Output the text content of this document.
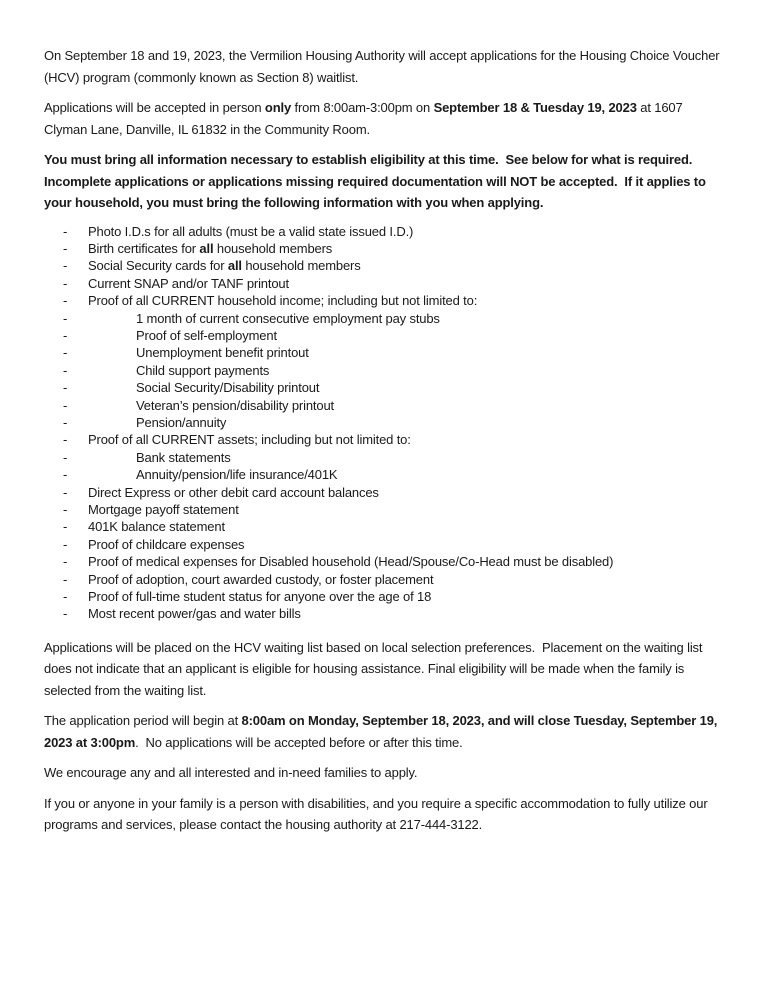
On September 18 and 19, 2023, the Vermilion Housing Authority will accept applications for the Housing Choice Voucher (HCV) program (commonly known as Section 8) waitlist.

Applications will be accepted in person only from 8:00am-3:00pm on September 18 & Tuesday 19, 2023 at 1607 Clyman Lane, Danville, IL 61832 in the Community Room.

You must bring all information necessary to establish eligibility at this time.  See below for what is required.  Incomplete applications or applications missing required documentation will NOT be accepted.  If it applies to your household, you must bring the following information with you when applying.

- Photo I.D.s for all adults (must be a valid state issued I.D.)
- Birth certificates for all household members
- Social Security cards for all household members
- Current SNAP and/or TANF printout
- Proof of all CURRENT household income; including but not limited to:
-	1 month of current consecutive employment pay stubs
-	Proof of self-employment
-	Unemployment benefit printout
-	Child support payments
-	Social Security/Disability printout
-	Veteran’s pension/disability printout
-	Pension/annuity
- Proof of all CURRENT assets; including but not limited to:
-	Bank statements
-	Annuity/pension/life insurance/401K
- Direct Express or other debit card account balances
- Mortgage payoff statement
- 401K balance statement
- Proof of childcare expenses
- Proof of medical expenses for Disabled household (Head/Spouse/Co-Head must be disabled)
- Proof of adoption, court awarded custody, or foster placement
- Proof of full-time student status for anyone over the age of 18
- Most recent power/gas and water bills

Applications will be placed on the HCV waiting list based on local selection preferences.  Placement on the waiting list does not indicate that an applicant is eligible for housing assistance. Final eligibility will be made when the family is selected from the waiting list.

The application period will begin at 8:00am on Monday, September 18, 2023, and will close Tuesday, September 19, 2023 at 3:00pm.  No applications will be accepted before or after this time.

We encourage any and all interested and in-need families to apply.

If you or anyone in your family is a person with disabilities, and you require a specific accommodation to fully utilize our programs and services, please contact the housing authority at 217-444-3122.
